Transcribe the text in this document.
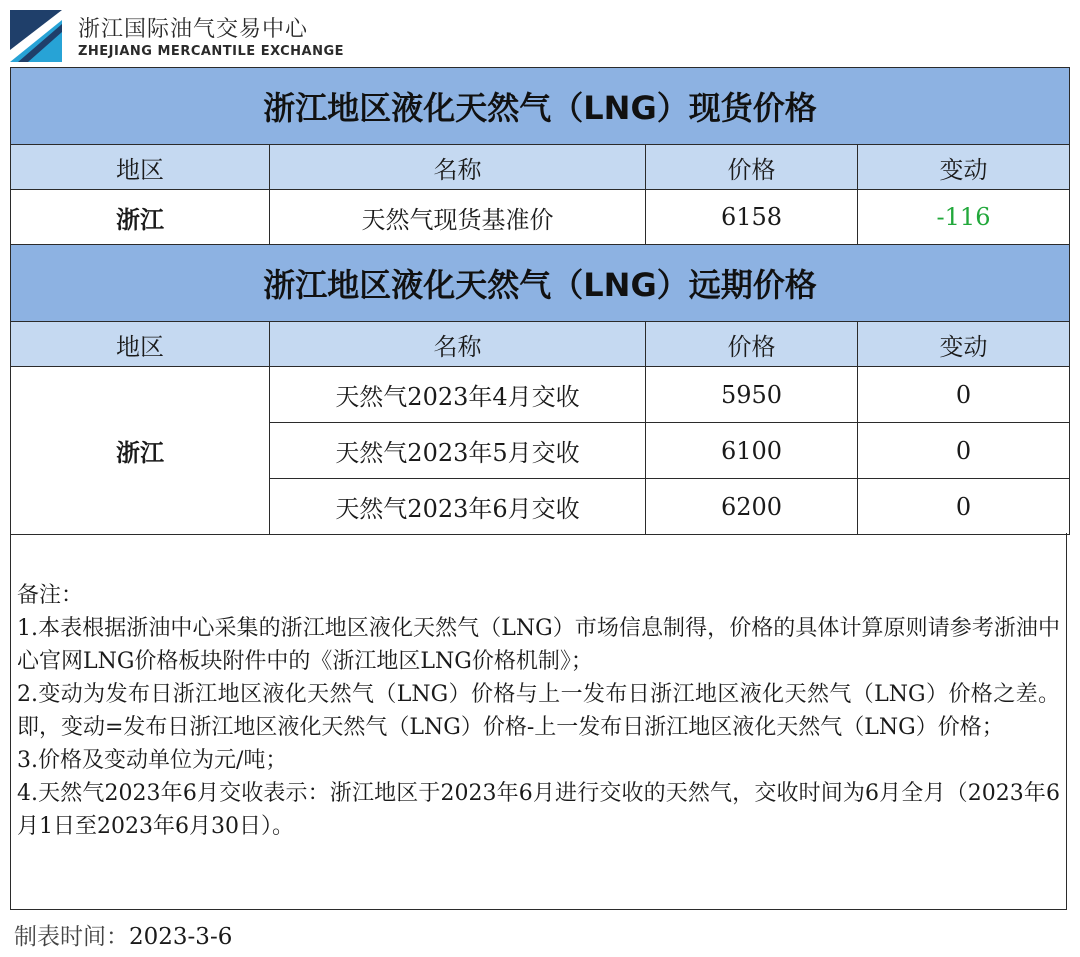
浙江国际油气交易中心
ZHEJIANG MERCANTILE EXCHANGE
浙江地区液化天然气（LNG）现货价格			
地区	名称	价格	变动
浙江	天然气现货基准价	6158	-116
浙江地区液化天然气（LNG）远期价格			
地区	名称	价格	变动
浙江	天然气2023年4月交收	5950	0
	天然气2023年5月交收	6100	0
	天然气2023年6月交收	6200	0
备注：
1.本表根据浙油中心采集的浙江地区液化天然气（LNG）市场信息制得，价格的具体计算原则请参考浙油中心官网LNG价格板块附件中的《浙江地区LNG价格机制》；
2.变动为发布日浙江地区液化天然气（LNG）价格与上一发布日浙江地区液化天然气（LNG）价格之差。即，变动=发布日浙江地区液化天然气（LNG）价格-上一发布日浙江地区液化天然气（LNG）价格；
3.价格及变动单位为元/吨；
4.天然气2023年6月交收表示：浙江地区于2023年6月进行交收的天然气，交收时间为6月全月（2023年6月1日至2023年6月30日）。
制表时间：2023-3-6
